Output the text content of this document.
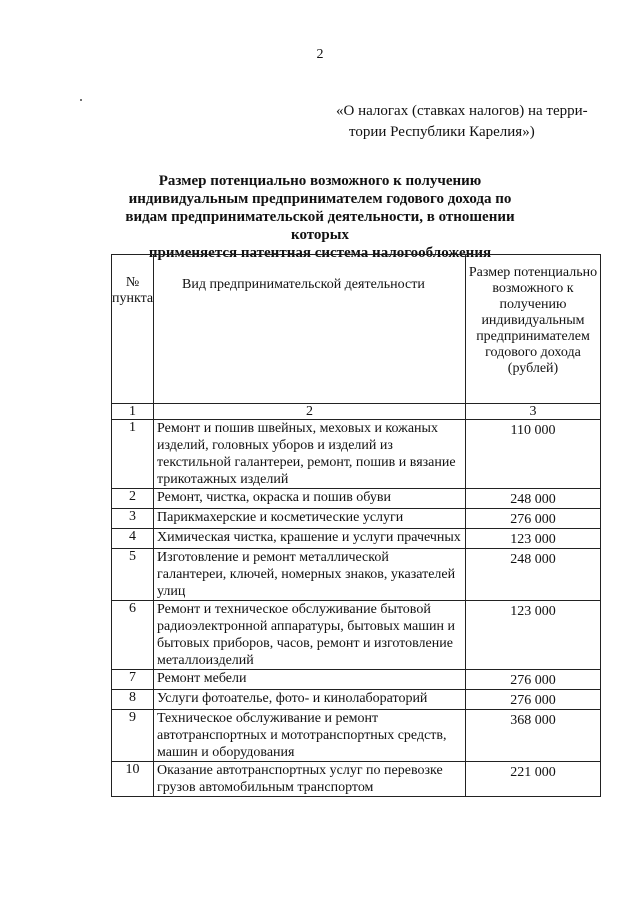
2
«О налогах (ставках налогов) на терри-
тории Республики Карелия»)
Размер потенциально возможного к получению
индивидуальным предпринимателем годового дохода по
видам предпринимательской деятельности, в отношении которых
применяется патентная система налогообложения
№ пункта	Вид предпринимательской деятельности	Размер потенциально возможного к получению индивидуальным предпринимателем годового дохода (рублей)
1	2	3
1	Ремонт и пошив швейных, меховых и кожаных изделий, головных уборов и изделий из текстильной галантереи, ремонт, пошив и вязание трикотажных изделий	110 000
2	Ремонт, чистка, окраска и пошив обуви	248 000
3	Парикмахерские и косметические услуги	276 000
4	Химическая чистка, крашение и услуги прачечных	123 000
5	Изготовление и ремонт металлической галантереи, ключей, номерных знаков, указателей улиц	248 000
6	Ремонт и техническое обслуживание бытовой радиоэлектронной аппаратуры, бытовых машин и бытовых приборов, часов, ремонт и изготовление металлоизделий	123 000
7	Ремонт мебели	276 000
8	Услуги фотоателье, фото- и кинолабораторий	276 000
9	Техническое обслуживание и ремонт автотранспортных и мототранспортных средств, машин и оборудования	368 000
10	Оказание автотранспортных услуг по перевозке грузов автомобильным транспортом	221 000
